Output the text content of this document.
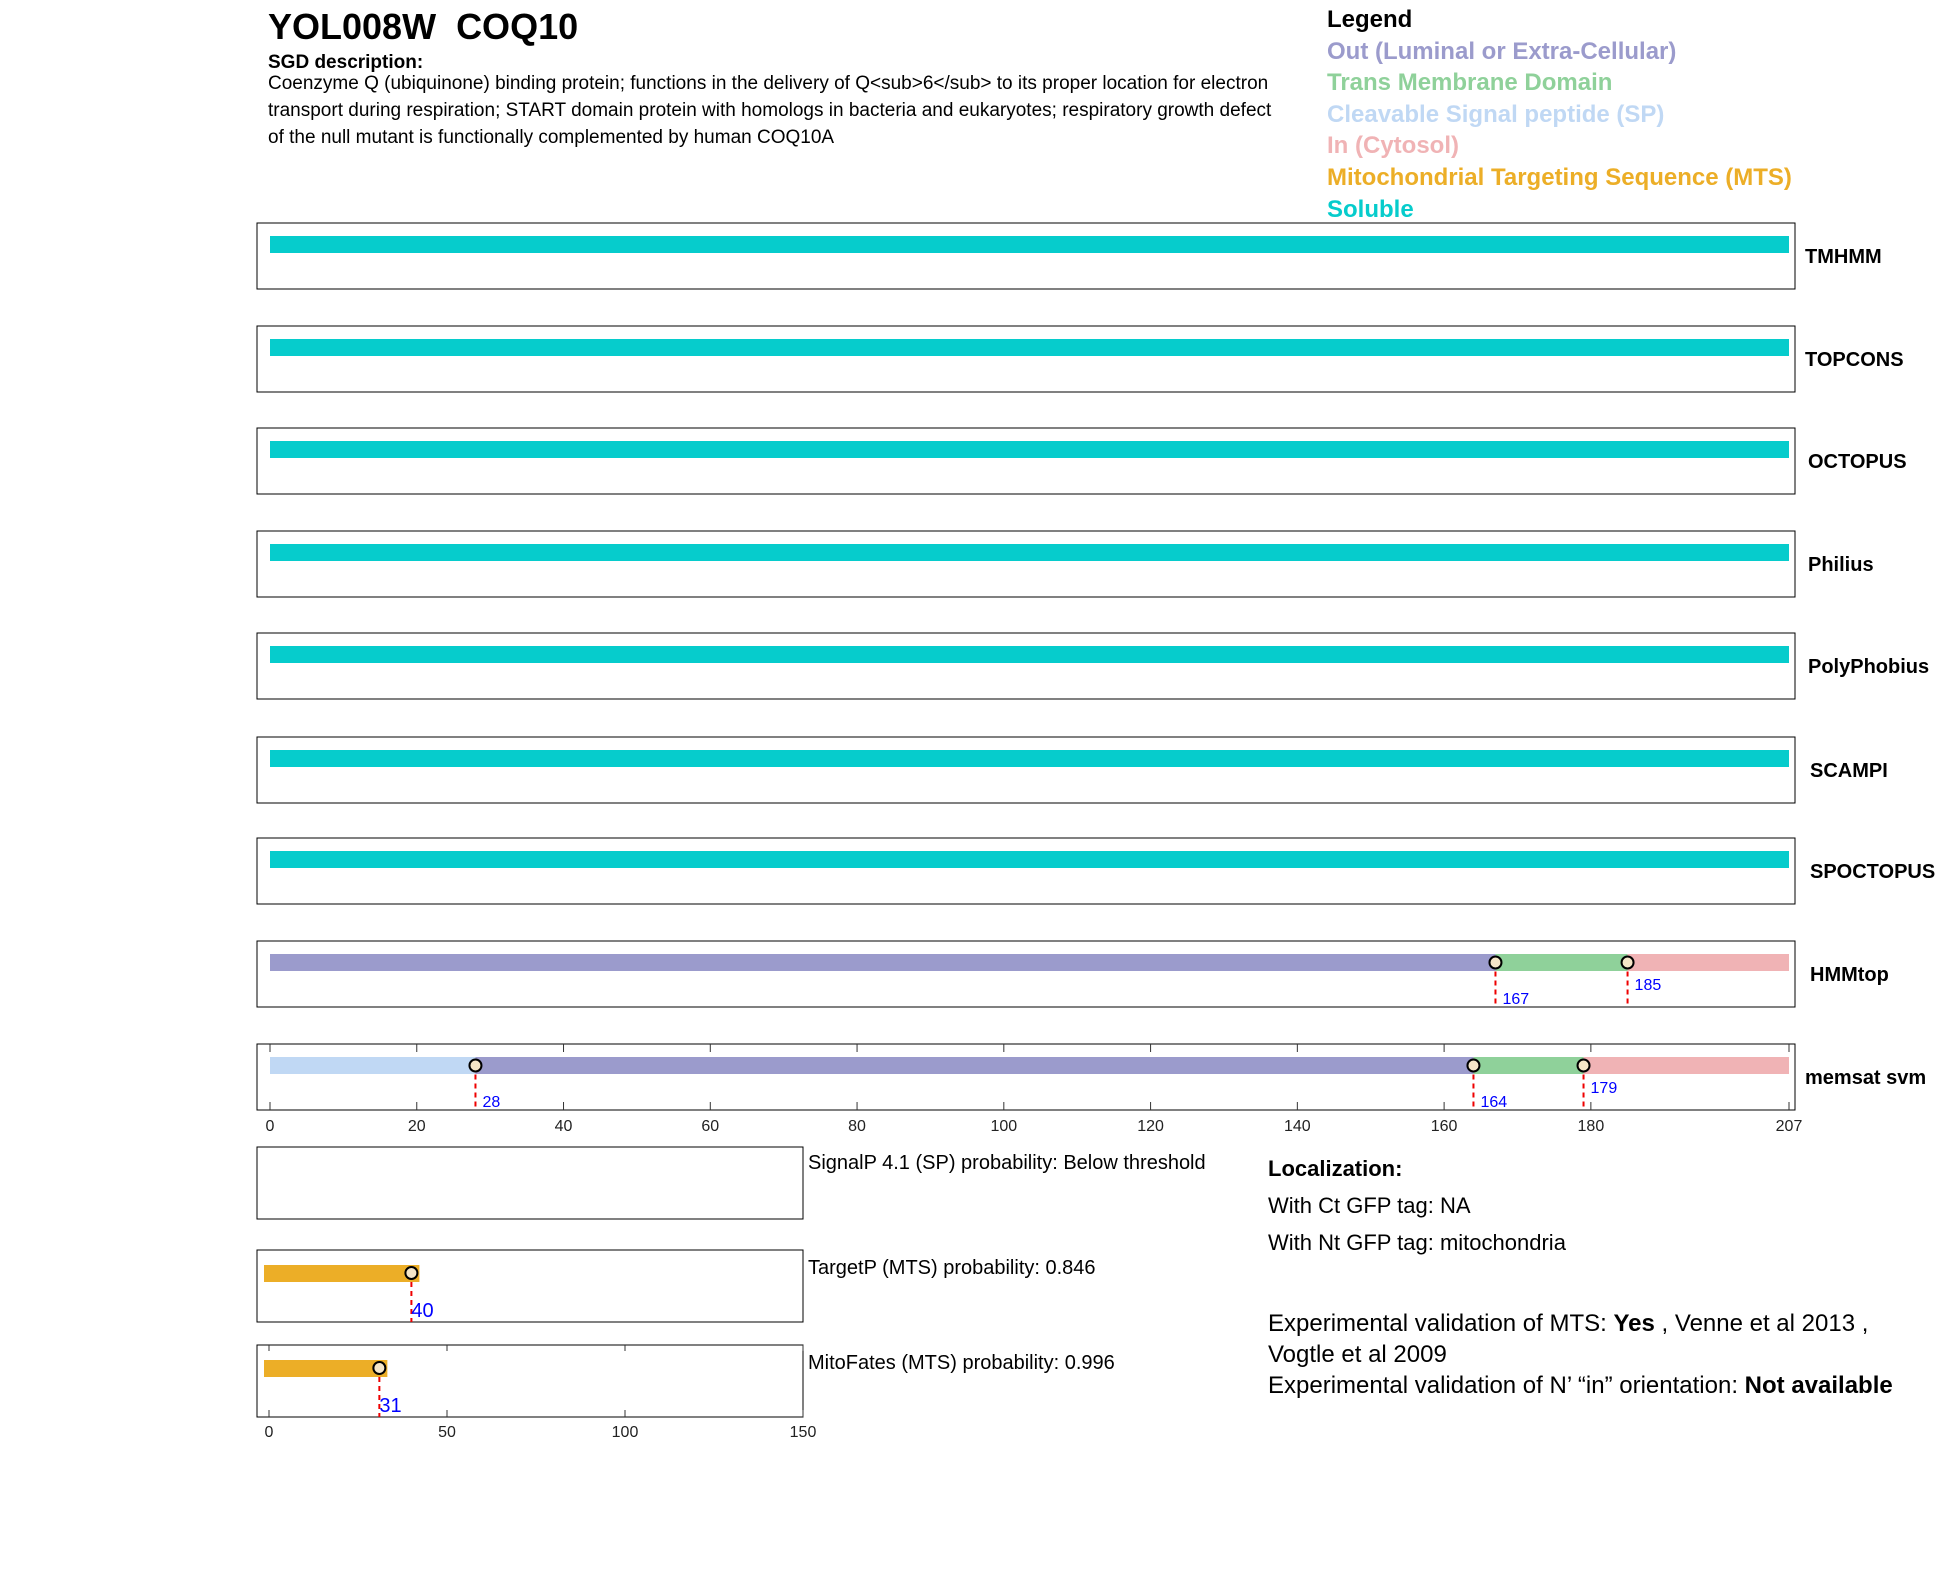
YOL008W COQ10
SGD description:
Coenzyme Q (ubiquinone) binding protein; functions in the delivery of Q<sub>6</sub> to its proper location for electron transport during respiration; START domain protein with homologs in bacteria and eukaryotes; respiratory growth defect of the null mutant is functionally complemented by human COQ10A
Legend
Out (Luminal or Extra-Cellular)
Trans Membrane Domain
Cleavable Signal peptide (SP)
In (Cytosol)
Mitochondrial Targeting Sequence (MTS)
Soluble
TMHMM
TOPCONS
OCTOPUS
Philius
PolyPhobius
SCAMPI
SPOCTOPUS
HMMtop
167
185
memsat svm
28	164
179
0	20	40	60	80	100	120	140	160	180	207
40
31
0	50	100	150
SignalP 4.1 (SP) probability: Below threshold
TargetP (MTS) probability: 0.846
MitoFates (MTS) probability: 0.996
Localization:
With Ct GFP tag: NA
With Nt GFP tag: mitochondria
Experimental validation of MTS: Yes , Venne et al 2013 , Vogtle et al 2009
Experimental validation of N’ “in” orientation: Not available
